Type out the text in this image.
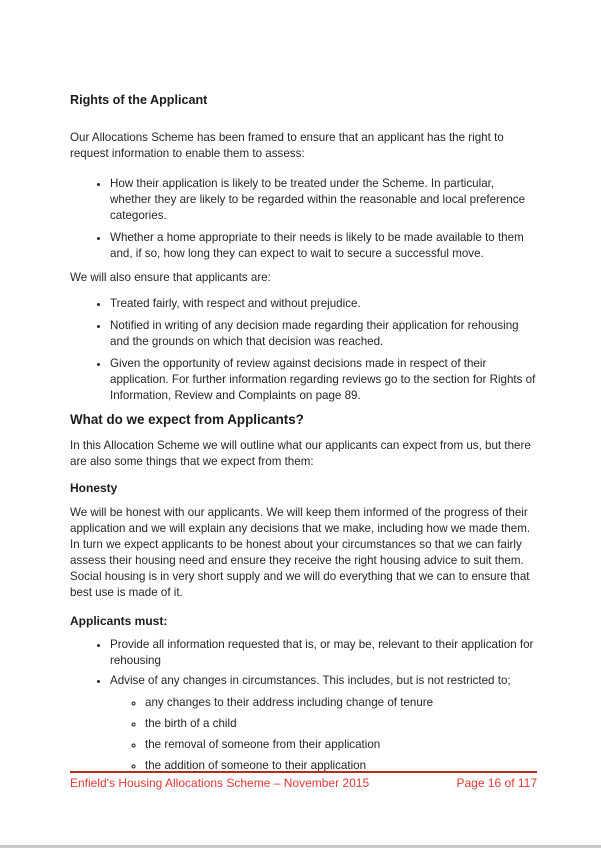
Rights of the Applicant

Our Allocations Scheme has been framed to ensure that an applicant has the right to request information to enable them to assess:

• How their application is likely to be treated under the Scheme. In particular, whether they are likely to be regarded within the reasonable and local preference categories.
• Whether a home appropriate to their needs is likely to be made available to them and, if so, how long they can expect to wait to secure a successful move.

We will also ensure that applicants are:

• Treated fairly, with respect and without prejudice.
• Notified in writing of any decision made regarding their application for rehousing and the grounds on which that decision was reached.
• Given the opportunity of review against decisions made in respect of their application. For further information regarding reviews go to the section for Rights of Information, Review and Complaints on page 89.
What do we expect from Applicants?

In this Allocation Scheme we will outline what our applicants can expect from us, but there are also some things that we expect from them:

Honesty

We will be honest with our applicants. We will keep them informed of the progress of their application and we will explain any decisions that we make, including how we made them. In turn we expect applicants to be honest about your circumstances so that we can fairly assess their housing need and ensure they receive the right housing advice to suit them. Social housing is in very short supply and we will do everything that we can to ensure that best use is made of it.

Applicants must:
• Provide all information requested that is, or may be, relevant to their application for rehousing
• Advise of any changes in circumstances. This includes, but is not restricted to;
◦ any changes to their address including change of tenure
◦ the birth of a child
◦ the removal of someone from their application
◦ the addition of someone to their application
Enfield's Housing Allocations Scheme – November 2015	Page 16 of 117
